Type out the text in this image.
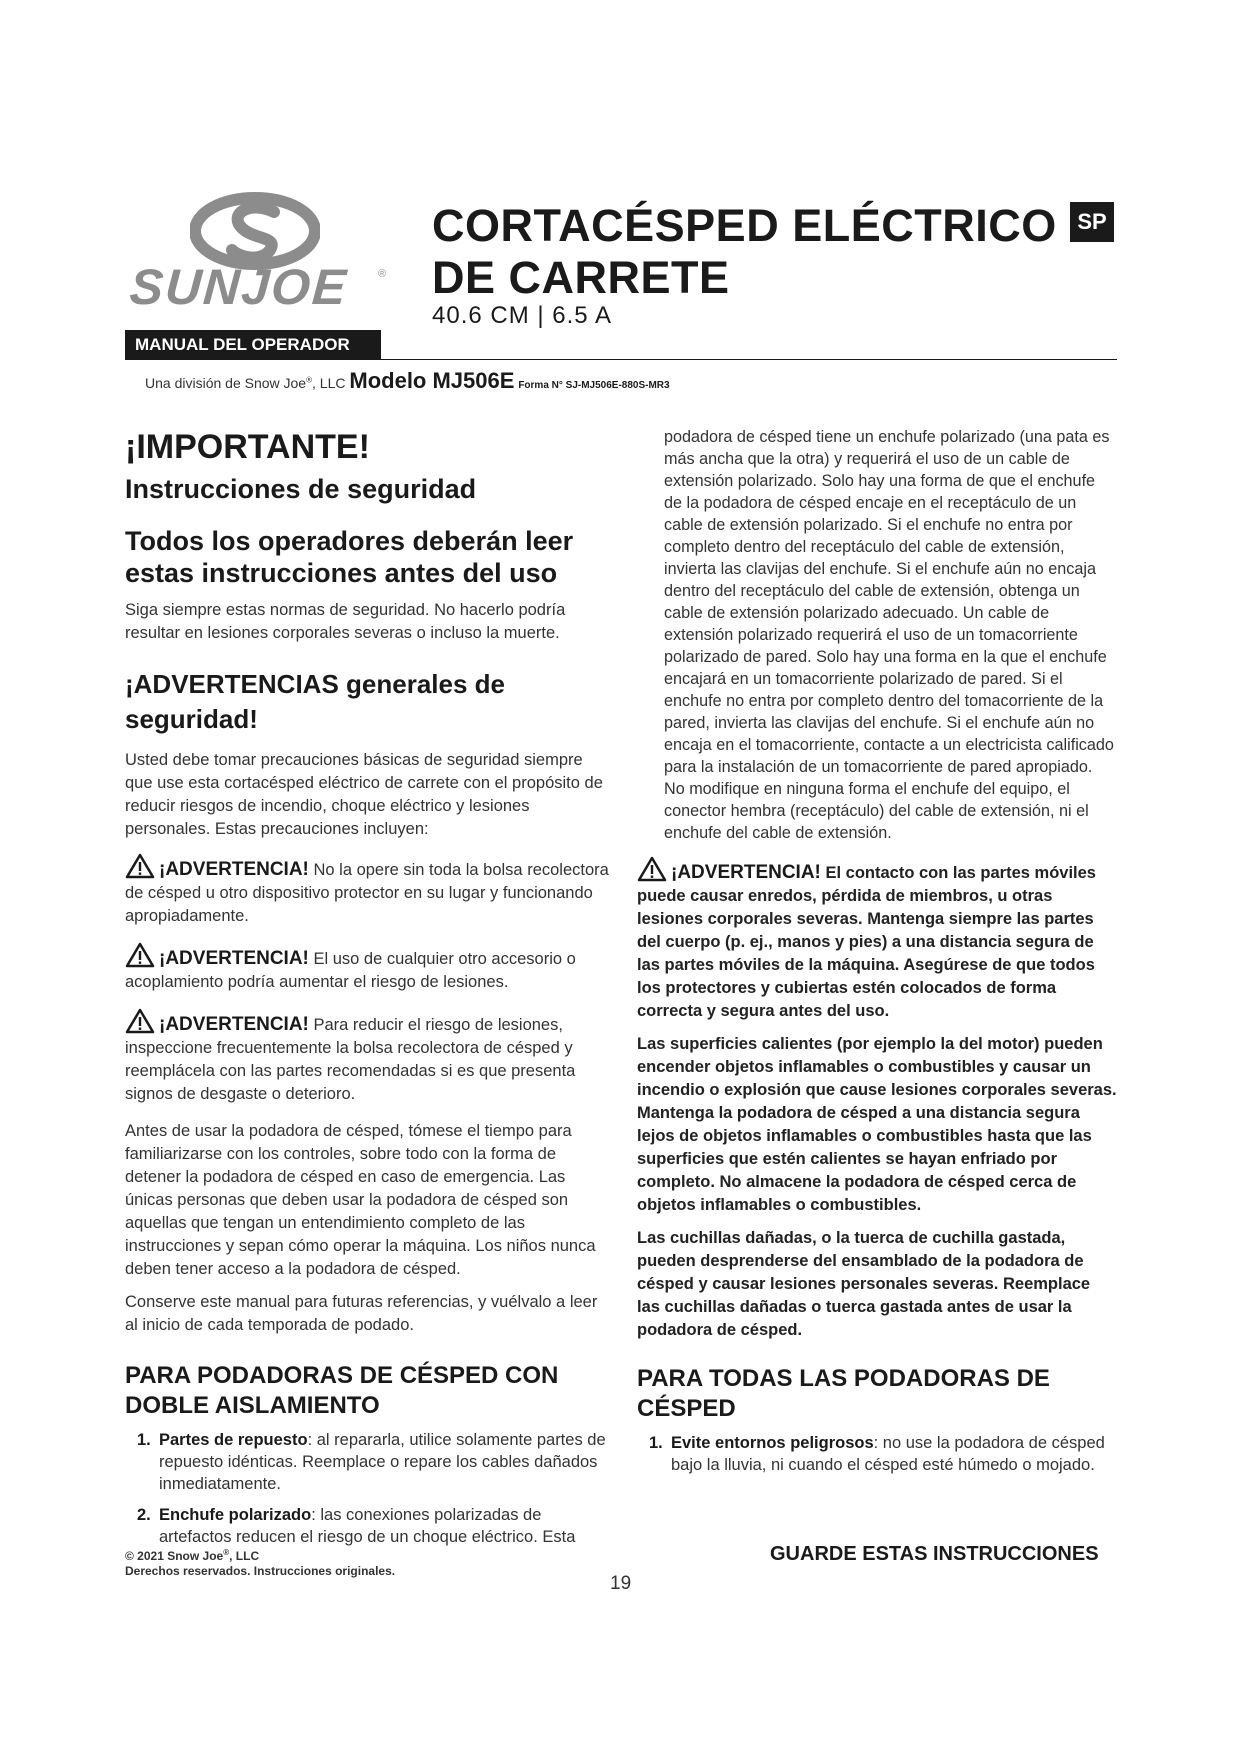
SUNJOE	®
CORTACÉSPED ELÉCTRICO
DE CARRETE
40.6 CM | 6.5 A
SP
MANUAL DEL OPERADOR
Una división de Snow Joe®, LLC Modelo MJ506E Forma N° SJ-MJ506E-880S-MR3
¡IMPORTANTE!
Instrucciones de seguridad
Todos los operadores deberán leer estas instrucciones antes del uso

Siga siempre estas normas de seguridad. No hacerlo podría resultar en lesiones corporales severas o incluso la muerte.

¡ADVERTENCIAS generales de seguridad!

Usted debe tomar precauciones básicas de seguridad siempre que use esta cortacésped eléctrico de carrete con el propósito de reducir riesgos de incendio, choque eléctrico y lesiones personales. Estas precauciones incluyen:

¡ADVERTENCIA! No la opere sin toda la bolsa recolectora de césped u otro dispositivo protector en su lugar y funcionando apropiadamente.

¡ADVERTENCIA! El uso de cualquier otro accesorio o acoplamiento podría aumentar el riesgo de lesiones.

¡ADVERTENCIA! Para reducir el riesgo de lesiones, inspeccione frecuentemente la bolsa recolectora de césped y reemplácela con las partes recomendadas si es que presenta signos de desgaste o deterioro.

Antes de usar la podadora de césped, tómese el tiempo para familiarizarse con los controles, sobre todo con la forma de detener la podadora de césped en caso de emergencia. Las únicas personas que deben usar la podadora de césped son aquellas que tengan un entendimiento completo de las instrucciones y sepan cómo operar la máquina. Los niños nunca deben tener acceso a la podadora de césped.

Conserve este manual para futuras referencias, y vuélvalo a leer al inicio de cada temporada de podado.

PARA PODADORAS DE CÉSPED CON DOBLE AISLAMIENTO
1. Partes de repuesto: al repararla, utilice solamente partes de repuesto idénticas. Reemplace o repare los cables dañados inmediatamente.
2. Enchufe polarizado: las conexiones polarizadas de artefactos reducen el riesgo de un choque eléctrico. Esta

podadora de césped tiene un enchufe polarizado (una pata es más ancha que la otra) y requerirá el uso de un cable de extensión polarizado. Solo hay una forma de que el enchufe de la podadora de césped encaje en el receptáculo de un cable de extensión polarizado. Si el enchufe no entra por completo dentro del receptáculo del cable de extensión, invierta las clavijas del enchufe. Si el enchufe aún no encaja dentro del receptáculo del cable de extensión, obtenga un cable de extensión polarizado adecuado. Un cable de extensión polarizado requerirá el uso de un tomacorriente polarizado de pared. Solo hay una forma en la que el enchufe encajará en un tomacorriente polarizado de pared. Si el enchufe no entra por completo dentro del tomacorriente de la pared, invierta las clavijas del enchufe. Si el enchufe aún no encaja en el tomacorriente, contacte a un electricista calificado para la instalación de un tomacorriente de pared apropiado. No modifique en ninguna forma el enchufe del equipo, el conector hembra (receptáculo) del cable de extensión, ni el enchufe del cable de extensión.

¡ADVERTENCIA! El contacto con las partes móviles puede causar enredos, pérdida de miembros, u otras lesiones corporales severas. Mantenga siempre las partes del cuerpo (p. ej., manos y pies) a una distancia segura de las partes móviles de la máquina. Asegúrese de que todos los protectores y cubiertas estén colocados de forma correcta y segura antes del uso.

Las superficies calientes (por ejemplo la del motor) pueden encender objetos inflamables o combustibles y causar un incendio o explosión que cause lesiones corporales severas. Mantenga la podadora de césped a una distancia segura lejos de objetos inflamables o combustibles hasta que las superficies que estén calientes se hayan enfriado por completo. No almacene la podadora de césped cerca de objetos inflamables o combustibles.

Las cuchillas dañadas, o la tuerca de cuchilla gastada, pueden desprenderse del ensamblado de la podadora de césped y causar lesiones personales severas. Reemplace las cuchillas dañadas o tuerca gastada antes de usar la podadora de césped.

PARA TODAS LAS PODADORAS DE CÉSPED
1. Evite entornos peligrosos: no use la podadora de césped bajo la lluvia, ni cuando el césped esté húmedo o mojado.
© 2021 Snow Joe®, LLC
Derechos reservados. Instrucciones originales.
GUARDE ESTAS INSTRUCCIONES
19
